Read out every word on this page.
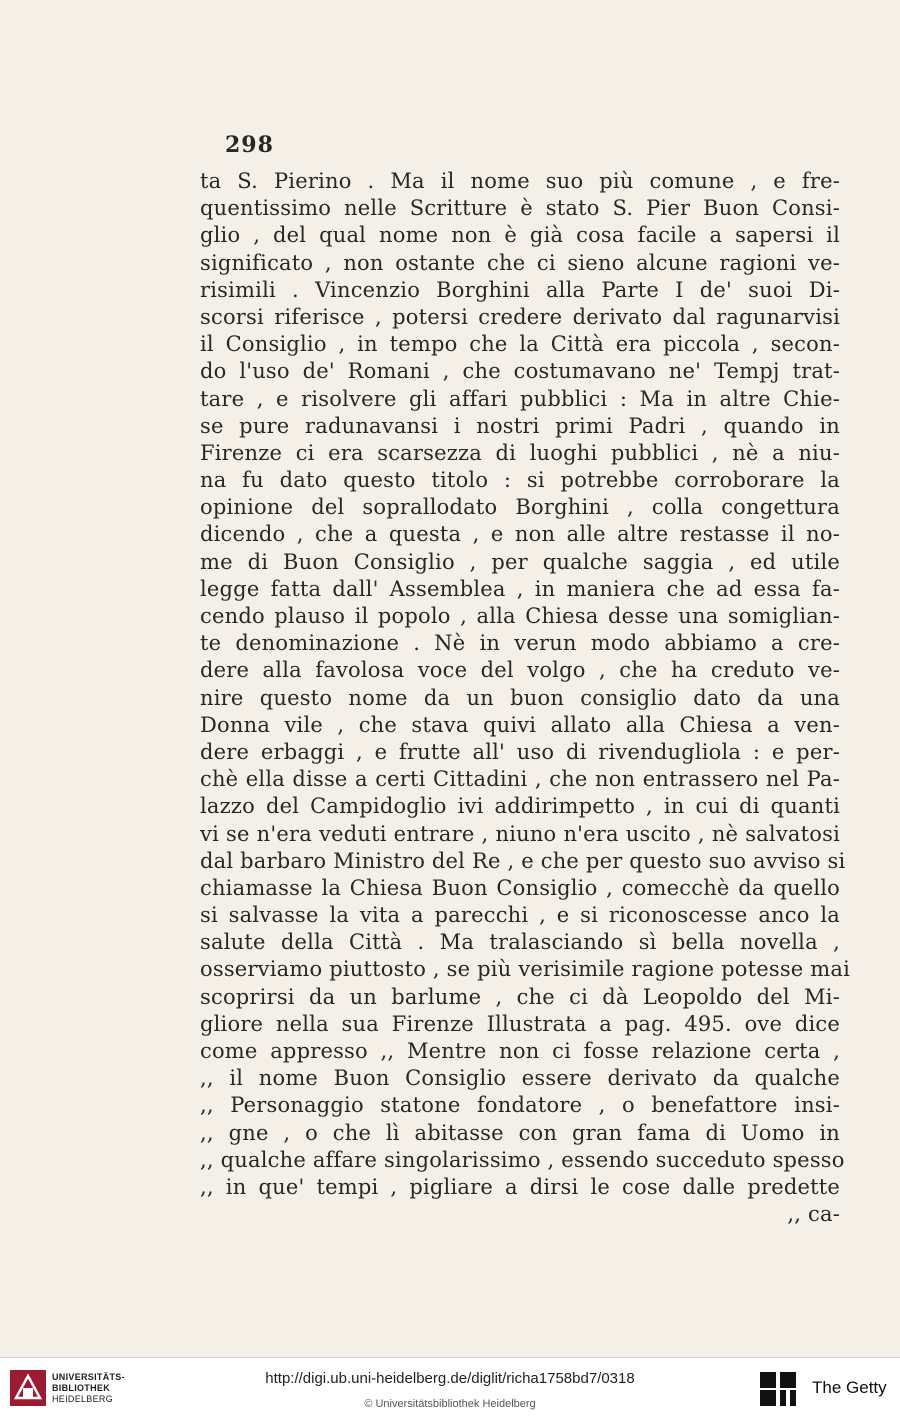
298
ta S. Pierino . Ma il nome suo più comune , e fre-
quentissimo nelle Scritture è stato S. Pier Buon Consi-
glio , del qual nome non è già cosa facile a sapersi il
significato , non ostante che ci sieno alcune ragioni ve-
risimili . Vincenzio Borghini alla Parte I de' suoi Di-
scorsi riferisce , potersi credere derivato dal ragunarvisi
il Consiglio , in tempo che la Città era piccola , secon-
do l'uso de' Romani , che costumavano ne' Tempj trat-
tare , e risolvere gli affari pubblici : Ma in altre Chie-
se pure radunavansi i nostri primi Padri , quando in
Firenze ci era scarsezza di luoghi pubblici , nè a niu-
na fu dato questo titolo : si potrebbe corroborare la
opinione del soprallodato Borghini , colla congettura
dicendo , che a questa , e non alle altre restasse il no-
me di Buon Consiglio , per qualche saggia , ed utile
legge fatta dall' Assemblea , in maniera che ad essa fa-
cendo plauso il popolo , alla Chiesa desse una somiglian-
te denominazione . Nè in verun modo abbiamo a cre-
dere alla favolosa voce del volgo , che ha creduto ve-
nire questo nome da un buon consiglio dato da una
Donna vile , che stava quivi allato alla Chiesa a ven-
dere erbaggi , e frutte all' uso di rivendugliola : e per-
chè ella disse a certi Cittadini , che non entrassero nel Pa-
lazzo del Campidoglio ivi addirimpetto , in cui di quanti
vi se n'era veduti entrare , niuno n'era uscito , nè salvatosi
dal barbaro Ministro del Re , e che per questo suo avviso si
chiamasse la Chiesa Buon Consiglio , comecchè da quello
si salvasse la vita a parecchi , e si riconoscesse anco la
salute della Città . Ma tralasciando sì bella novella ,
osserviamo piuttosto , se più verisimile ragione potesse mai
scoprirsi da un barlume , che ci dà Leopoldo del Mi-
gliore nella sua Firenze Illustrata a pag. 495. ove dice
come appresso ,, Mentre non ci fosse relazione certa ,
,, il nome Buon Consiglio essere derivato da qualche
,, Personaggio statone fondatore , o benefattore insi-
,, gne , o che lì abitasse con gran fama di Uomo in
,, qualche affare singolarissimo , essendo succeduto spesso
,, in que' tempi , pigliare a dirsi le cose dalle predette
,, ca-
UNIVERSITÄTS-
BIBLIOTHEK
HEIDELBERG
http://digi.ub.uni-heidelberg.de/diglit/richa1758bd7/0318
© Universitätsbibliothek Heidelberg
The Getty
